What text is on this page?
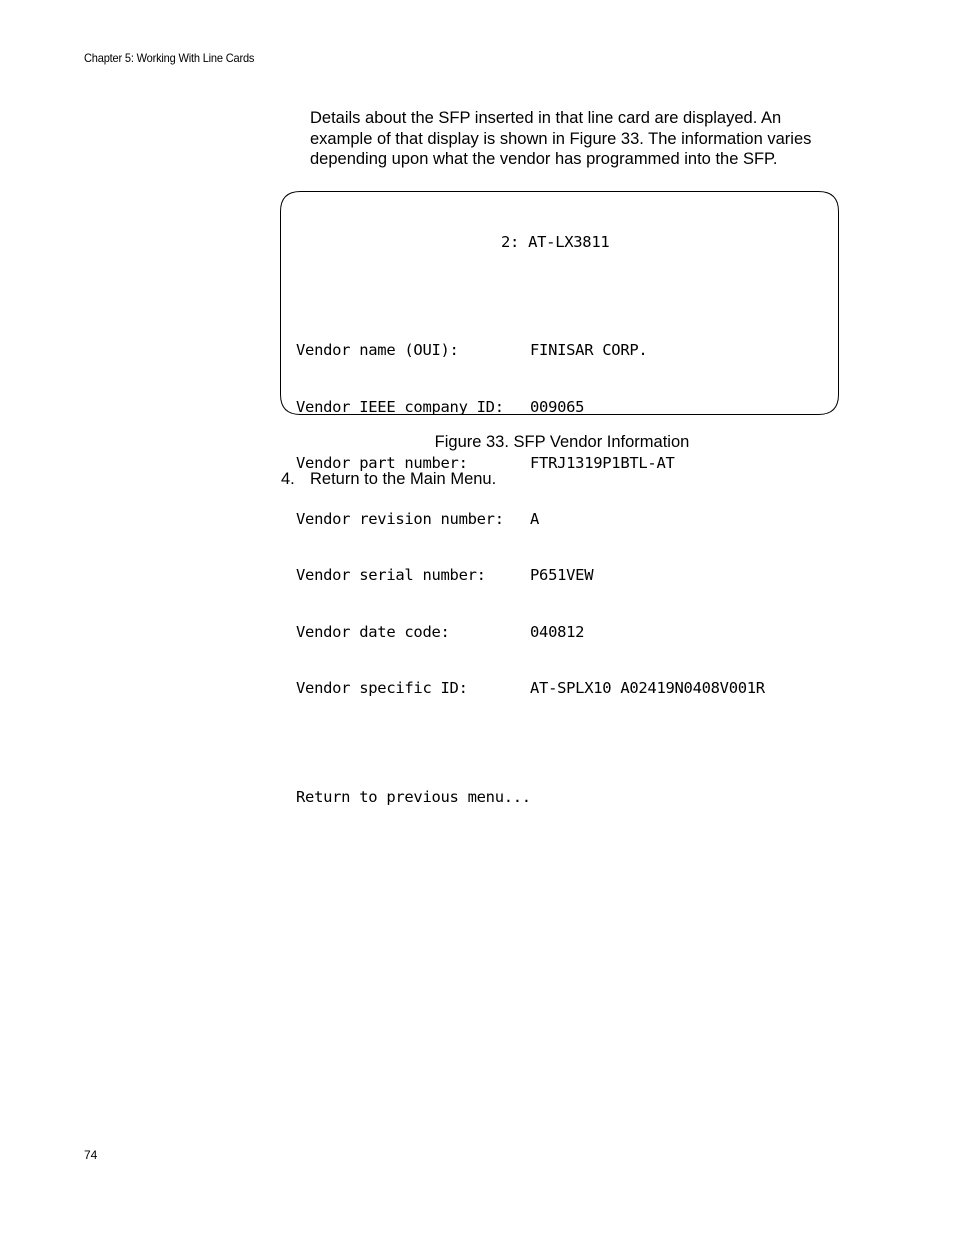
Chapter 5: Working With Line Cards
Details about the SFP inserted in that line card are displayed. An
example of that display is shown in Figure 33. The information varies
depending upon what the vendor has programmed into the SFP.

2: AT-LX3811

Vendor name (OUI):	FINISAR CORP.

Vendor IEEE company ID: 009065

Vendor part number:	FTRJ1319P1BTL-AT

Vendor revision number: A

Vendor serial number:	P651VEW

Vendor date code:	040812

Vendor specific ID:	AT-SPLX10 A02419N0408V001R

Return to previous menu...

Figure 33. SFP Vendor Information
4. Return to the Main Menu.
74
